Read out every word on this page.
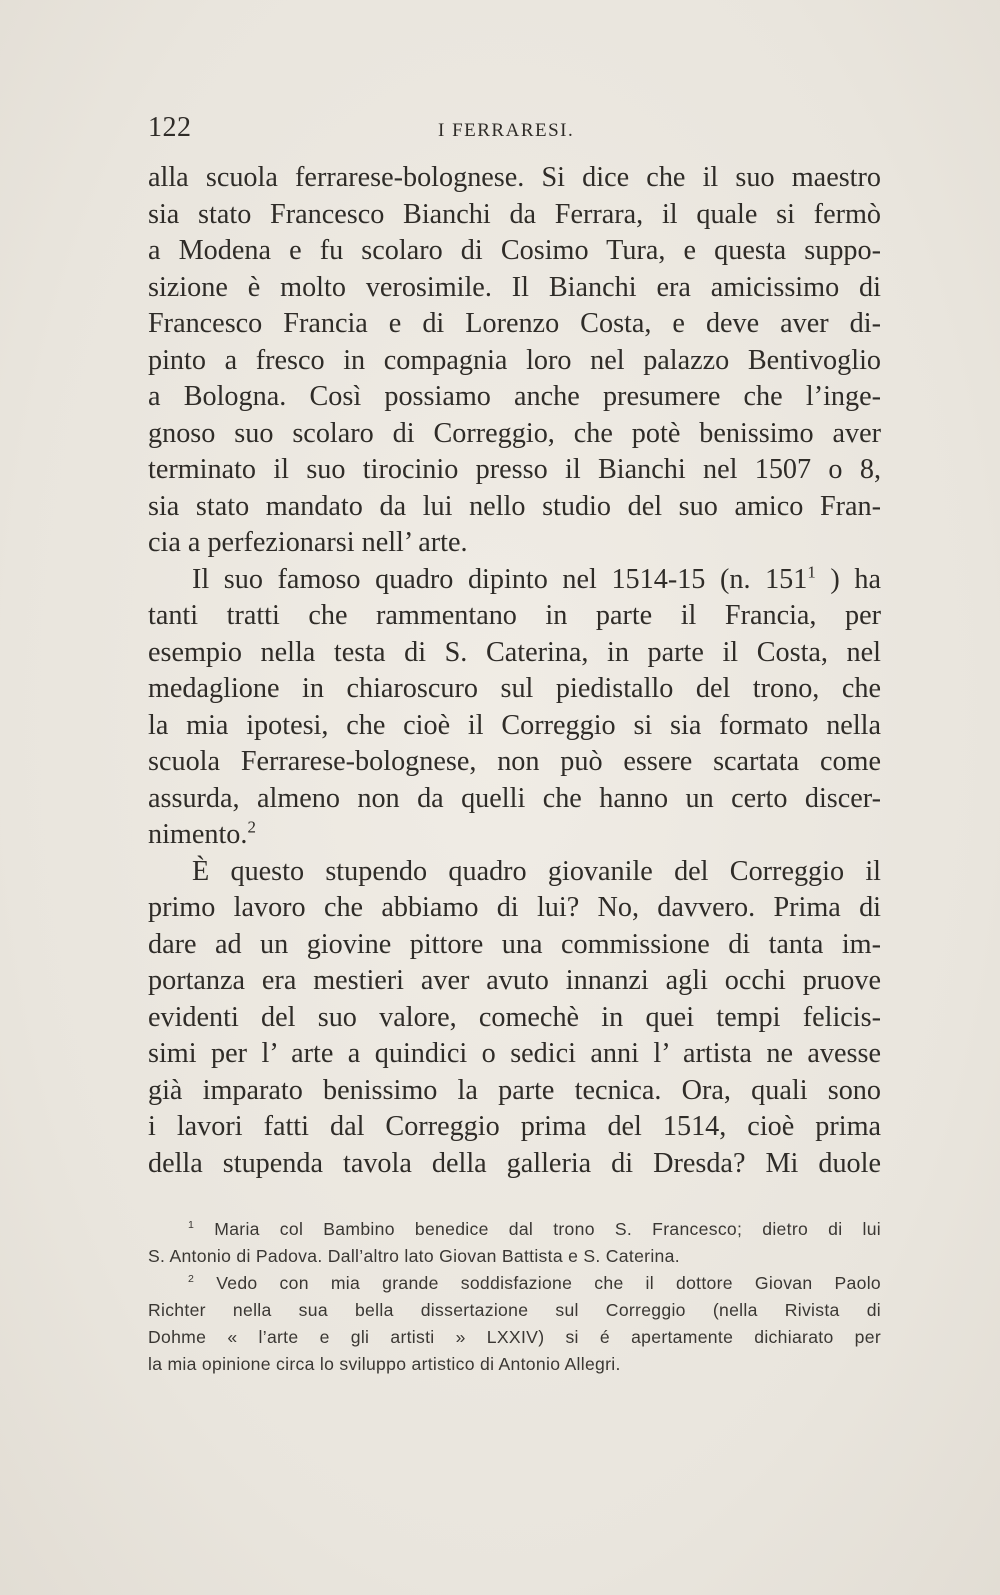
122	I FERRARESI.
alla scuola ferrarese-bolognese. Si dice che il suo maestro
sia stato Francesco Bianchi da Ferrara, il quale si fermò
a Modena e fu scolaro di Cosimo Tura, e questa suppo-
sizione è molto verosimile. Il Bianchi era amicissimo di
Francesco Francia e di Lorenzo Costa, e deve aver di-
pinto a fresco in compagnia loro nel palazzo Bentivoglio
a Bologna. Così possiamo anche presumere che l’inge-
gnoso suo scolaro di Correggio, che potè benissimo aver
terminato il suo tirocinio presso il Bianchi nel 1507 o 8,
sia stato mandato da lui nello studio del suo amico Fran-
cia a perfezionarsi nell’ arte.
Il suo famoso quadro dipinto nel 1514-15 (n. $151^1$ ) ha
tanti tratti che rammentano in parte il Francia, per
esempio nella testa di S. Caterina, in parte il Costa, nel
medaglione in chiaroscuro sul piedistallo del trono, che
la mia ipotesi, che cioè il Correggio si sia formato nella
scuola Ferrarese-bolognese, non può essere scartata come
assurda, almeno non da quelli che hanno un certo discer-
nimento.$^2$
È questo stupendo quadro giovanile del Correggio il
primo lavoro che abbiamo di lui? No, davvero. Prima di
dare ad un giovine pittore una commissione di tanta im-
portanza era mestieri aver avuto innanzi agli occhi pruove
evidenti del suo valore, comechè in quei tempi felicis-
simi per l’ arte a quindici o sedici anni l’ artista ne avesse
già imparato benissimo la parte tecnica. Ora, quali sono
i lavori fatti dal Correggio prima del 1514, cioè prima
della stupenda tavola della galleria di Dresda? Mi duole
$^1$ Maria col Bambino benedice dal trono S. Francesco; dietro di lui
S. Antonio di Padova. Dall’altro lato Giovan Battista e S. Caterina.
$^2$ Vedo con mia grande soddisfazione che il dottore Giovan Paolo
Richter nella sua bella dissertazione sul Correggio (nella Rivista di
Dohme « l’arte e gli artisti » LXXIV) si é apertamente dichiarato per
la mia opinione circa lo sviluppo artistico di Antonio Allegri.
